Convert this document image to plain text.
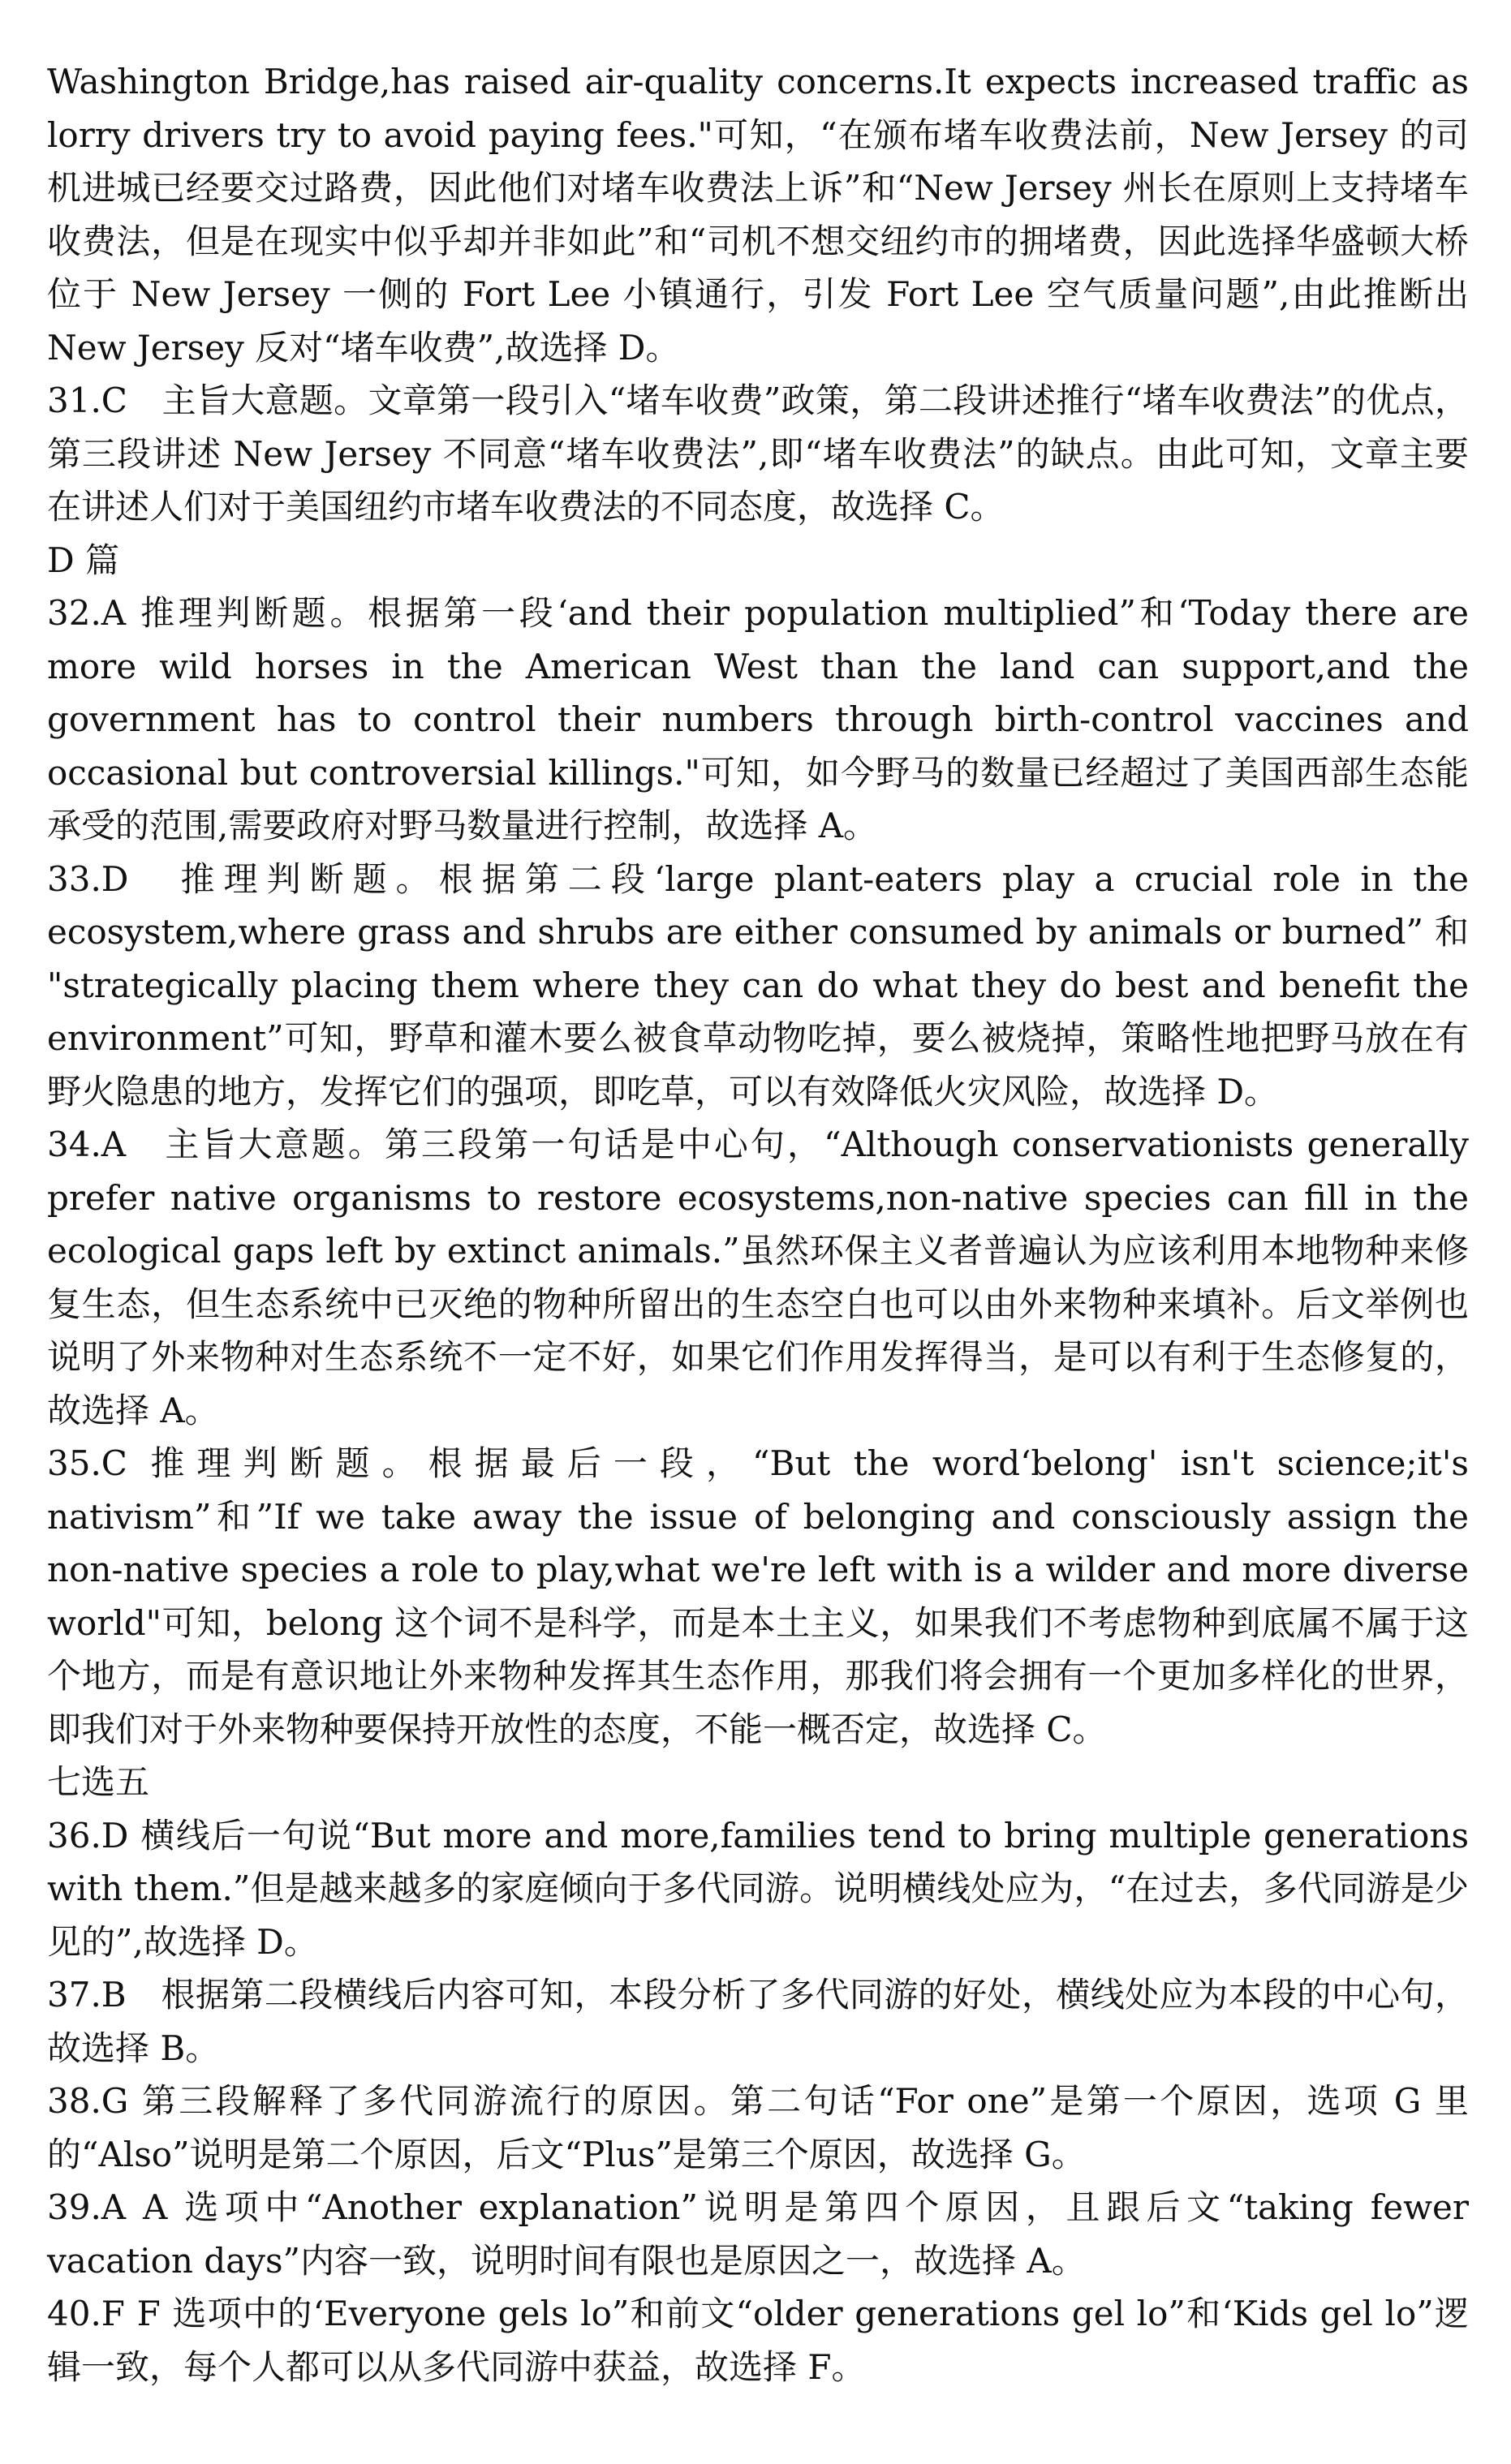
Washington Bridge,has raised air-quality concerns.It expects increased traffic as lorry drivers try to avoid paying fees."可知，“在颁布堵车收费法前，New Jersey 的司机进城已经要交过路费，因此他们对堵车收费法上诉”和“New Jersey 州长在原则上支持堵车收费法，但是在现实中似乎却并非如此”和“司机不想交纽约市的拥堵费，因此选择华盛顿大桥位于 New Jersey 一侧的 Fort Lee 小镇通行，引发 Fort Lee 空气质量问题”,由此推断出 New Jersey 反对“堵车收费”,故选择 D。

31.C　主旨大意题。文章第一段引入“堵车收费”政策，第二段讲述推行“堵车收费法”的优点，第三段讲述 New Jersey 不同意“堵车收费法”,即“堵车收费法”的缺点。由此可知，文章主要在讲述人们对于美国纽约市堵车收费法的不同态度，故选择 C。

D 篇

32.A 推理判断题。根据第一段‘and their population multiplied”和‘Today there are more wild horses in the American West than the land can support,and the government has to control their numbers through birth-control vaccines and occasional but controversial killings."可知，如今野马的数量已经超过了美国西部生态能承受的范围,需要政府对野马数量进行控制，故选择 A。

33.D　推理判断题。根据第二段‘large plant-eaters play a crucial role in the ecosystem,where grass and shrubs are either consumed by animals or burned” 和 "strategically placing them where they can do what they do best and benefit the environment”可知，野草和灌木要么被食草动物吃掉，要么被烧掉，策略性地把野马放在有野火隐患的地方，发挥它们的强项，即吃草，可以有效降低火灾风险，故选择 D。

34.A　主旨大意题。第三段第一句话是中心句，“Although conservationists generally prefer native organisms to restore ecosystems,non-native species can fill in the ecological gaps left by extinct animals.”虽然环保主义者普遍认为应该利用本地物种来修复生态，但生态系统中已灭绝的物种所留出的生态空白也可以由外来物种来填补。后文举例也说明了外来物种对生态系统不一定不好，如果它们作用发挥得当，是可以有利于生态修复的，故选择 A。

35.C 推理判断题。根据最后一段，“But the word‘belong' isn't science;it's nativism”和”If we take away the issue of belonging and consciously assign the non-native species a role to play,what we're left with is a wilder and more diverse world"可知，belong 这个词不是科学，而是本土主义，如果我们不考虑物种到底属不属于这个地方，而是有意识地让外来物种发挥其生态作用，那我们将会拥有一个更加多样化的世界，即我们对于外来物种要保持开放性的态度，不能一概否定，故选择 C。

七选五

36.D 横线后一句说“But more and more,families tend to bring multiple generations with them.”但是越来越多的家庭倾向于多代同游。说明横线处应为，“在过去，多代同游是少见的”,故选择 D。

37.B　根据第二段横线后内容可知，本段分析了多代同游的好处，横线处应为本段的中心句，故选择 B。

38.G 第三段解释了多代同游流行的原因。第二句话“For one”是第一个原因，选项 G 里的“Also”说明是第二个原因，后文“Plus”是第三个原因，故选择 G。

39.A A 选项中“Another explanation”说明是第四个原因，且跟后文“taking fewer vacation days”内容一致，说明时间有限也是原因之一，故选择 A。

40.F F 选项中的‘Everyone gels lo”和前文“older generations gel lo”和‘Kids gel lo”逻辑一致，每个人都可以从多代同游中获益，故选择 F。
